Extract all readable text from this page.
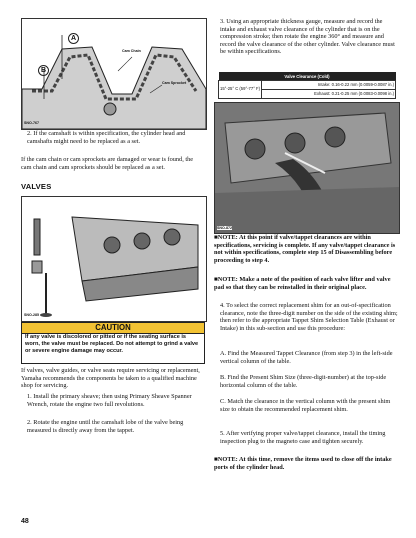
A
B
Cam Chain
Cam Sprocket
SNO-767

2. If the camshaft is within specification, the cylinder head and camshafts might need to be replaced as a set.

If the cam chain or cam sprockets are damaged or wear is found, the cam chain and cam sprockets should be replaced as a set.

VALVES
SNO-285
CAUTION
If any valve is discolored or pitted or if the seating surface is worn, the valve must be replaced. Do not attempt to grind a valve or severe engine damage may occur.

If valves, valve guides, or valve seats require servicing or replacement, Yamaha recommends the components be taken to a qualified machine shop for servicing.

1. Install the primary sheave; then using Primary Sheave Spanner Wrench, rotate the engine two full revolutions.

2. Rotate the engine until the camshaft lobe of the valve being measured is directly away from the tappet.

3. Using an appropriate thickness gauge, measure and record the intake and exhaust valve clearance of the cylinder that is on the compression stroke; then rotate the engine 360° and measure and record the valve clearance of the other cylinder. Valve clearance must be within specifications.

Valve Clearance (Cold)
15°-25° C (59°-77° F)	Intake: 0.16-0.22 mm (0.0059-0.0087 in.)
Exhaust: 0.21-0.25 mm (0.0083-0.0098 in.)
SNO-872

■NOTE: At this point if valve/tappet clearances are within specifications, servicing is complete. If any valve/tappet clearance is not within specifications, complete step 15 of Disassembling before proceeding to step 4.

■NOTE: Make a note of the position of each valve lifter and valve pad so that they can be reinstalled in their original place.

4. To select the correct replacement shim for an out-of-specification clearance, note the three-digit number on the side of the existing shim; then refer to the appropriate Tappet Shim Selection Table (Exhaust or Intake) in this sub-section and use this procedure:

A. Find the Measured Tappet Clearance (from step 3) in the left-side vertical column of the table.

B. Find the Present Shim Size (three-digit-number) at the top-side horizontal column of the table.

C. Match the clearance in the vertical column with the present shim size to obtain the recommended replacement shim.

5. After verifying proper valve/tappet clearance, install the timing inspection plug to the magneto case and tighten securely.

■NOTE: At this time, remove the items used to close off the intake ports of the cylinder head.

48
